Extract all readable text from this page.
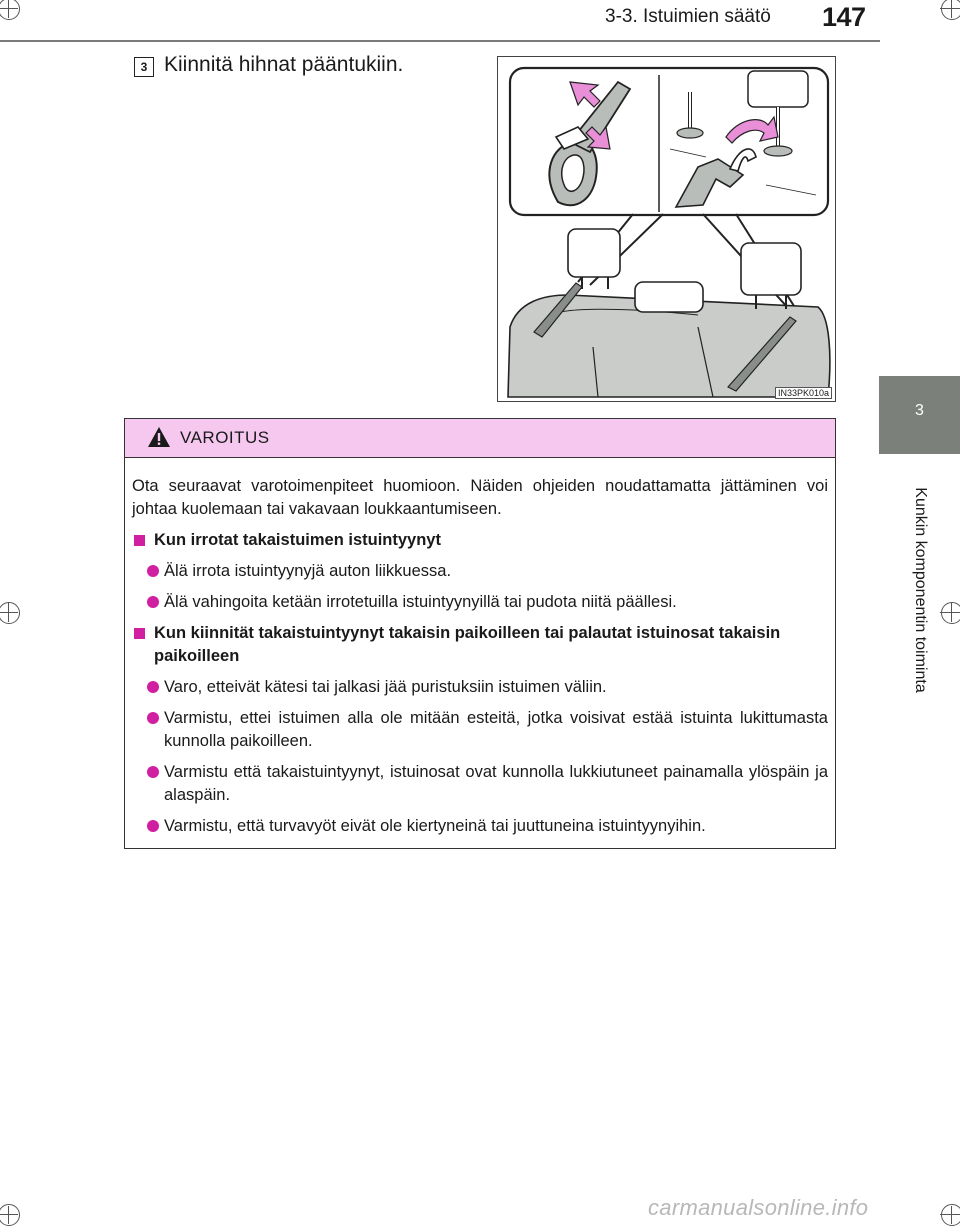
3-3. Istuimien säätö 147
3
Kunkin komponentin toiminta
3 Kiinnitä hihnat pääntukiin.
IN33PK010a
VAROITUS
Ota seuraavat varotoimenpiteet huomioon. Näiden ohjeiden noudattamatta jättäminen voi johtaa kuolemaan tai vakavaan loukkaantumiseen.
Kun irrotat takaistuimen istuintyynyt
Älä irrota istuintyynyjä auton liikkuessa.
Älä vahingoita ketään irrotetuilla istuintyynyillä tai pudota niitä päällesi.
Kun kiinnität takaistuintyynyt takaisin paikoilleen tai palautat istuinosat takaisin paikoilleen
Varo, etteivät kätesi tai jalkasi jää puristuksiin istuimen väliin.
Varmistu, ettei istuimen alla ole mitään esteitä, jotka voisivat estää istuinta lukittumasta kunnolla paikoilleen.
Varmistu että takaistuintyynyt, istuinosat ovat kunnolla lukkiutuneet painamalla ylöspäin ja alaspäin.
Varmistu, että turvavyöt eivät ole kiertyneinä tai juuttuneina istuintyynyihin.
carmanualsonline.info
